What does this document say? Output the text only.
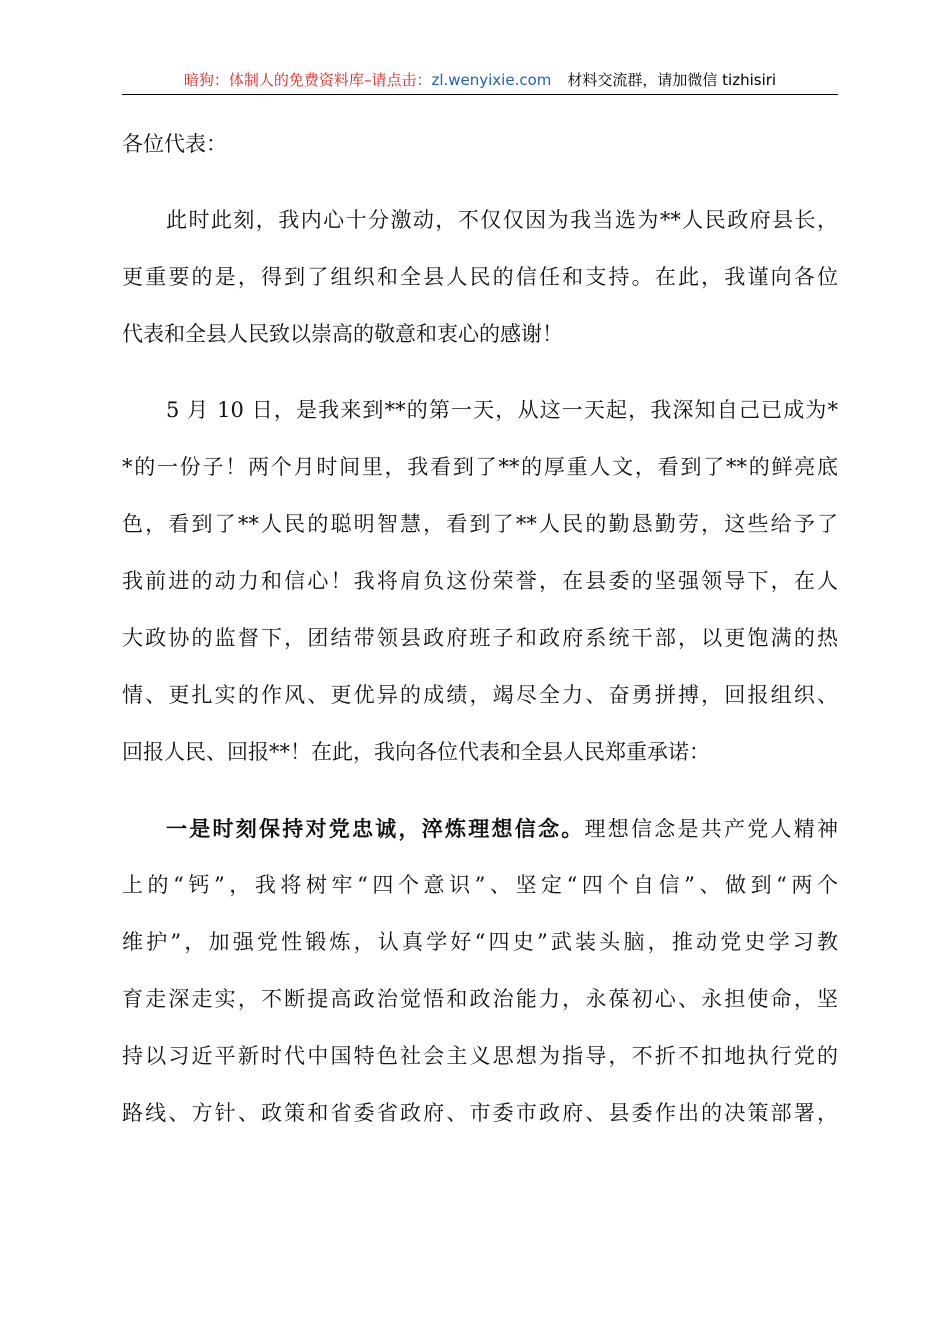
暗狗：体制人的免费资料库–请点击：zl.wenyixie.com 材料交流群，请加微信 tizhisiri
各位代表：
此时此刻，我内心十分激动，不仅仅因为我当选为**人民政府县长，
更重要的是，得到了组织和全县人民的信任和支持。在此，我谨向各位
代表和全县人民致以崇高的敬意和衷心的感谢！
5 月 10 日，是我来到**的第一天，从这一天起，我深知自己已成为*
*的一份子！两个月时间里，我看到了**的厚重人文，看到了**的鲜亮底
色，看到了**人民的聪明智慧，看到了**人民的勤恳勤劳，这些给予了
我前进的动力和信心！我将肩负这份荣誉，在县委的坚强领导下，在人
大政协的监督下，团结带领县政府班子和政府系统干部，以更饱满的热
情、更扎实的作风、更优异的成绩，竭尽全力、奋勇拼搏，回报组织、
回报人民、回报**！在此，我向各位代表和全县人民郑重承诺：
一是时刻保持对党忠诚，淬炼理想信念。理想信念是共产党人精神
上的“钙”，我将树牢“四个意识”、坚定“四个自信”、做到“两个
维护”，加强党性锻炼，认真学好“四史”武装头脑，推动党史学习教
育走深走实，不断提高政治觉悟和政治能力，永葆初心、永担使命，坚
持以习近平新时代中国特色社会主义思想为指导，不折不扣地执行党的
路线、方针、政策和省委省政府、市委市政府、县委作出的决策部署，
